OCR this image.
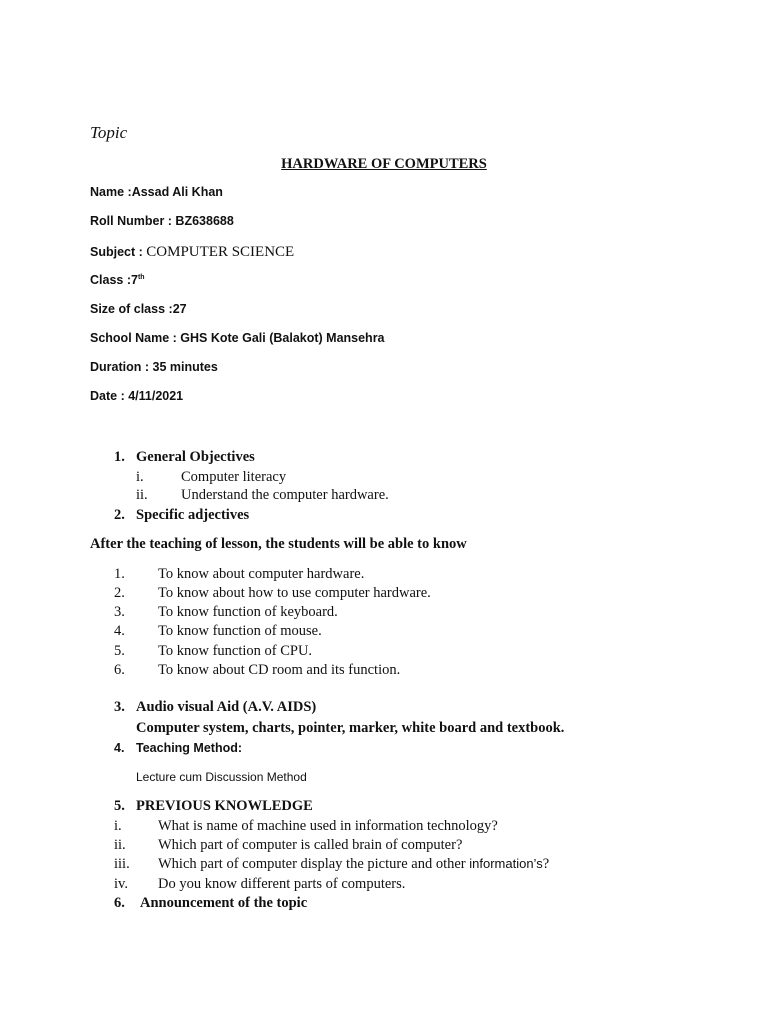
Topic
HARDWARE OF COMPUTERS
Name :Assad Ali Khan
Roll Number : BZ638688
Subject : COMPUTER SCIENCE
Class :7th
Size of class :27
School Name : GHS Kote Gali (Balakot) Mansehra
Duration : 35 minutes
Date : 4/11/2021
1. General Objectives
i.	Computer literacy
ii. Understand the computer hardware.
2. Specific adjectives
After the teaching of lesson, the students will be able to know
1. To know about computer hardware.
2. To know about how to use computer hardware.
3. To know function of keyboard.
4. To know function of mouse.
5. To know function of CPU.
6. To know about CD room and its function.
3. Audio visual Aid (A.V. AIDS)
Computer system, charts, pointer, marker, white board and textbook.
4. Teaching Method:
Lecture cum Discussion Method
5. PREVIOUS KNOWLEDGE
i.	What is name of machine used in information technology?
ii. Which part of computer is called brain of computer?
iii. Which part of computer display the picture and other information’s?
iv. Do you know different parts of computers.
6. Announcement of the topic
